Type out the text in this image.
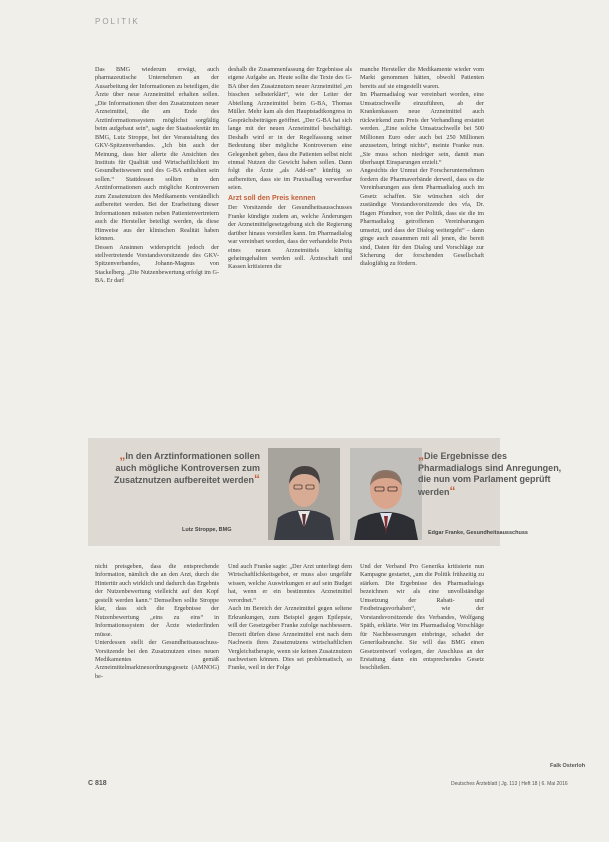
POLITIK

Das BMG wiederum erwägt, auch pharmazeutische Unternehmen an der Ausarbeitung der Informationen zu beteiligen, die Ärzte über neue Arzneimittel erhalten sollen. „Die Informationen über den Zusatznutzen neuer Arzneimittel, die am Ende des Arztinformationssystem möglichst sorgfältig beim aufgebaut sein“, sagte der Staatssekretär im BMG, Lutz Stroppe, bei der Veranstaltung des GKV-Spitzenverbandes. „Ich bin auch der Meinung, dass hier allerte die Ansichten des Instituts für Qualität und Wirtschaftlichkeit im Gesundheitswesen und des G-BA enthalten sein sollen.“ Stattdessen sollten in den Arztinformationen auch mögliche Kontroversen zum Zusatznutzen des Medikaments verständlich aufbereitet werden. Bei der Erarbeitung dieser Informationen müssten neben Patientenvertretern auch die Hersteller beteiligt werden, da diese Hinweise aus der klinischen Realität haben können.

Dessen Ansinnen widerspricht jedoch der stellvertretende Vorstandsvorsitzende des GKV-Spitzenverbandes, Johann-Magnus von Stackelberg. „Die Nutzenbewertung erfolgt im G-BA. Er darf

deshalb die Zusammenfassung der Ergebnisse als eigene Aufgabe an. Heute sollte die Texte des G-BA über den Zusatznutzen neuer Arzneimittel „en bisschen selbsterklärt“, wie der Leiter der Abteilung Arzneimittel beim G-BA, Thomas Müller. Mehr kam als den Hauptstadtkongress in Gesprächsbeiträgen geöffnet. „Der G-BA hat sich lange mit der neuen Arzneimittel beschäftigt. Deshalb wird er in der Regelfassung seiner Bedeutung über mögliche Kontroversen eine Gelegenheit geben, dass die Patienten selbst nicht einmal Nutzen die Gewicht haben sollen. Dann folgt die Ärzte „als Add-on“ künftig so aufbereiten, dass sie im Praxisalltag verwertbar seien.

Arzt soll den Preis kennen

Der Vorsitzende der Gesundheitsausschusses Franke kündigte zudem an, welche Änderungen der Arzneimittelgesetzgebung sich die Regierung darüber hinaus vorstellen kann. Im Pharmadialog war vereinbart worden, dass der verhandelte Preis eines neuen Arzneimittels künftig geheimgehalten werden soll. Ärzteschaft und Kassen kritisieren die

manche Hersteller die Medikamente wieder vom Markt genommen hätten, obwohl Patienten bereits auf sie eingestellt waren.

Im Pharmadialog war vereinbart worden, eine Umsatzschwelle einzuführen, ab der Krankenkassen neue Arzneimittel auch rückwirkend zum Preis der Verhandlung erstattet werden. „Eine solche Umsatzschwelle bei 500 Millionen Euro oder auch bei 250 Millionen anzusetzen, bringt nichts“, meinte Franke nun. „Sie muss schon niedriger sein, damit man überhaupt Einsparungen erzielt.“

Angesichts der Unmut der Forscherunternehmen fordern die Pharmaverbände derweil, dass es die Vereinbarungen aus dem Pharmadialog auch im Gesetz schaffen. Sie wünschen sich der zuständige Vorstandsvorsitzende des vfa, Dr. Hagen Pfundner, von der Politik, dass sie die im Pharmadialog getroffenen Vereinbarungen umsetzt, und dass der Dialog weitergeht“ – dann ginge auch zusammen mit all jenen, die bereit sind, Daten für den Dialog und Vorschläge zur Sicherung der forschenden Gesellschaft dialogfähig zu fördern.

„In den Arztinformationen sollen auch mögliche Kontroversen zum Zusatznutzen aufbereitet werden“
Lutz Stroppe, BMG
„Die Ergebnisse des Pharmadialogs sind Anregungen, die nun vom Parlament geprüft werden“
Edgar Franke, Gesundheitsausschuss

nicht preisgeben, dass die entsprechende Information, nämlich die an den Arzt, durch die Hintertür auch wirklich und dadurch das Ergebnis der Nutzenbewertung vielleicht auf den Kopf gestellt werden kann.“ Demselben sollte Stroppe klar, dass sich die Ergebnisse der Nutzenbewertung „eins zu eins“ in Informationssystem der Ärzte wiederfinden müsse.

Unterdessen stellt der Gesundheitsausschuss-Vorsitzende bei den Zusatznutzen eines neuen Medikamentes gemäß Arzneimittelmarktneuordnungsgesetz (AMNOG) be-

Und auch Franke sagte: „Der Arzt unterliegt dem Wirtschaftlichkeitsgebot, er muss also ungefähr wissen, welche Auswirkungen er auf sein Budget hat, wenn er ein bestimmtes Arzneimittel verordnet.“

Auch im Bereich der Arzneimittel gegen seltene Erkrankungen, zum Beispiel gegen Epilepsie, will der Gesetzgeber Franke zufolge nachbessern. Derzeit dürfen diese Arzneimittel erst nach dem Nachweis ihres Zusatznutzens wirtschaftlichen Vergleichstherapie, wenn sie keinen Zusatznutzen nachweisen können. Dies sei problematisch, so Franke, weil in der Folge

Und der Verband Pro Generika kritisierte nun Kampagne gestartet, „um die Politik frühzeitig zu stärken. Die Ergebnisse des Pharmadialogs bezeichnen wir als eine unvollständige Umsetzung der Rabatt- und Festbetragsvorhaben“, wie der Vorstandsvorsitzende des Verbandes, Wolfgang Späth, erklärte. Wer im Pharmadialog Vorschläge für Nachbesserungen einbringe, schadet der Generikabranche. Sie will das BMG einen Gesetzentwurf vorlegen, der Anschluss an der Erstattung dann ein entsprechendes Gesetz beschließen.

Falk Osterloh
C 818	Deutsches Ärzteblatt | Jg. 113 | Heft 18 | 6. Mai 2016
